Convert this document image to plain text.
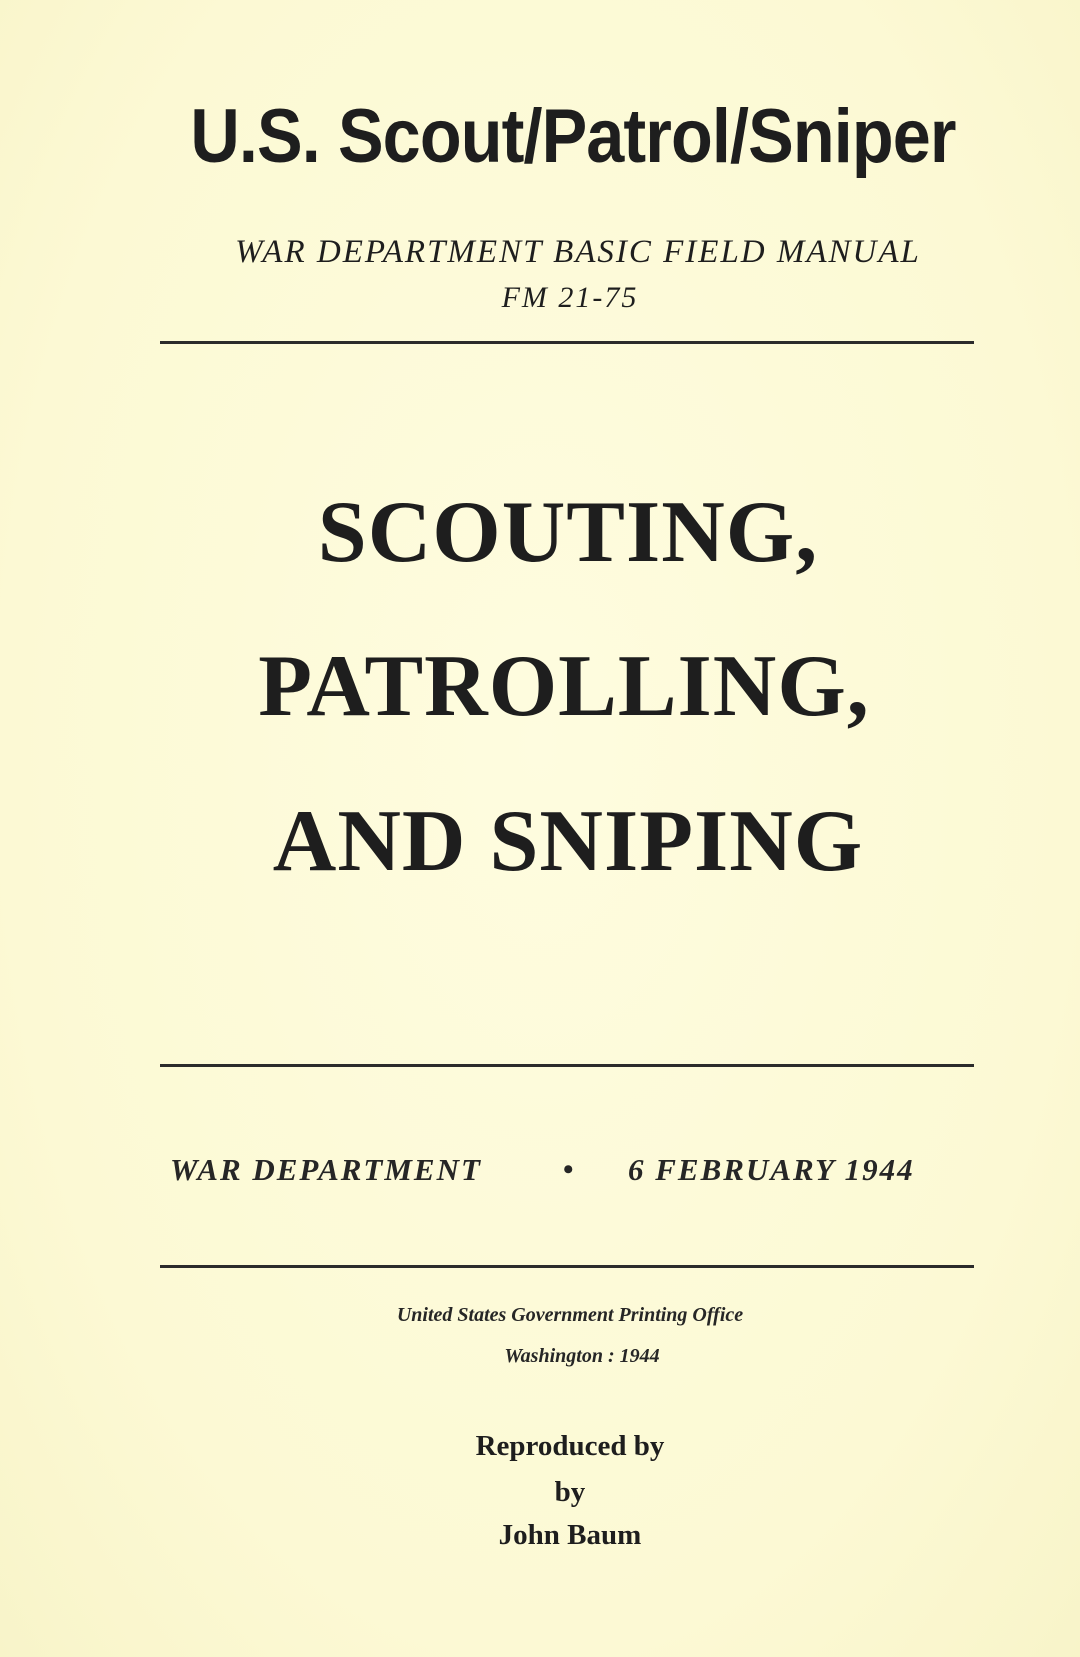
U.S. Scout/Patrol/Sniper
WAR DEPARTMENT BASIC FIELD MANUAL
FM 21-75
SCOUTING,
PATROLLING,
AND SNIPING
WAR DEPARTMENT	• 6 FEBRUARY 1944
United States Government Printing Office
Washington : 1944
Reproduced by
by
John Baum
